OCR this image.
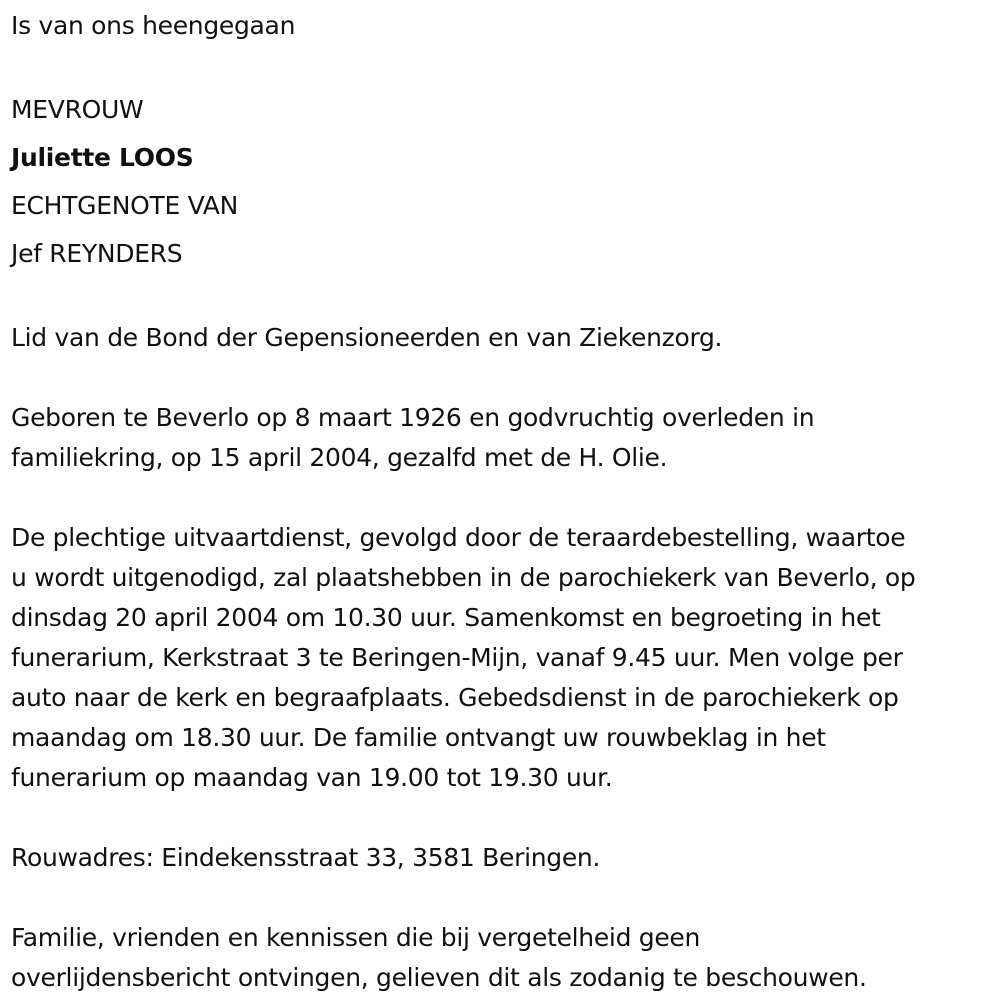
Is van ons heengegaan

MEVROUW

Juliette LOOS

ECHTGENOTE VAN

Jef REYNDERS

Lid van de Bond der Gepensioneerden en van Ziekenzorg.

Geboren te Beverlo op 8 maart 1926 en godvruchtig overleden in
familiekring, op 15 april 2004, gezalfd met de H. Olie.
De plechtige uitvaartdienst, gevolgd door de teraardebestelling, waartoe
u wordt uitgenodigd, zal plaatshebben in de parochiekerk van Beverlo, op
dinsdag 20 april 2004 om 10.30 uur. Samenkomst en begroeting in het
funerarium, Kerkstraat 3 te Beringen-Mijn, vanaf 9.45 uur. Men volge per
auto naar de kerk en begraafplaats. Gebedsdienst in de parochiekerk op
maandag om 18.30 uur. De familie ontvangt uw rouwbeklag in het
funerarium op maandag van 19.00 tot 19.30 uur.

Rouwadres: Eindekensstraat 33, 3581 Beringen.

Familie, vrienden en kennissen die bij vergetelheid geen
overlijdensbericht ontvingen, gelieven dit als zodanig te beschouwen.
